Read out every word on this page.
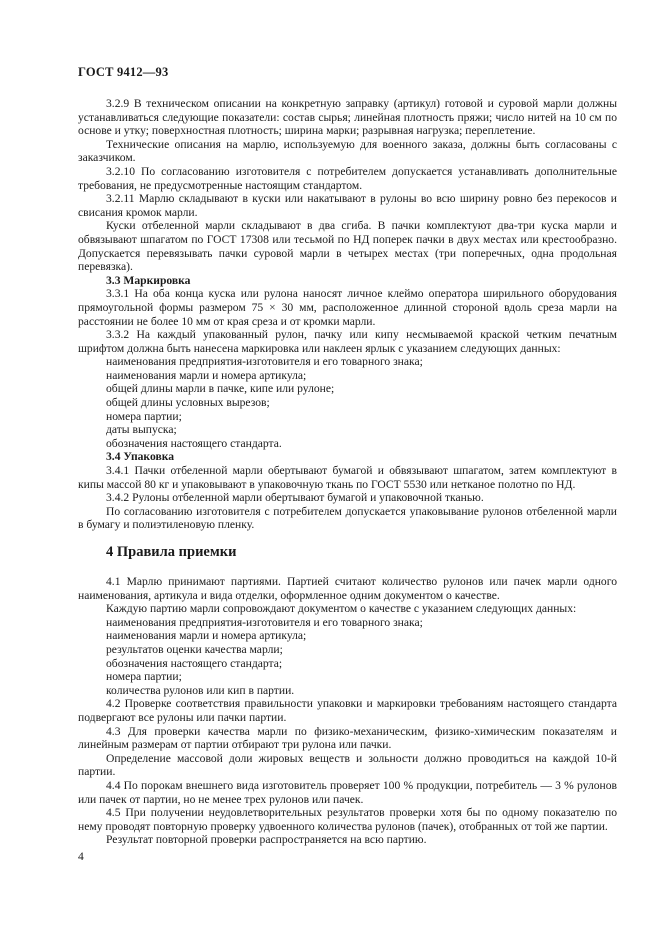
ГОСТ 9412—93

3.2.9 В техническом описании на конкретную заправку (артикул) готовой и суровой марли должны устанавливаться следующие показатели: состав сырья; линейная плотность пряжи; число нитей на 10 см по основе и утку; поверхностная плотность; ширина марки; разрывная нагрузка; переплетение.

Технические описания на марлю, используемую для военного заказа, должны быть согласованы с заказчиком.

3.2.10 По согласованию изготовителя с потребителем допускается устанавливать дополнительные требования, не предусмотренные настоящим стандартом.

3.2.11 Марлю складывают в куски или накатывают в рулоны во всю ширину ровно без перекосов и свисания кромок марли.

Куски отбеленной марли складывают в два сгиба. В пачки комплектуют два-три куска марли и обвязывают шпагатом по ГОСТ 17308 или тесьмой по НД поперек пачки в двух местах или крестообразно. Допускается перевязывать пачки суровой марли в четырех местах (три поперечных, одна продольная перевязка).

3.3 Маркировка

3.3.1 На оба конца куска или рулона наносят личное клеймо оператора ширильного оборудования прямоугольной формы размером 75 × 30 мм, расположенное длинной стороной вдоль среза марли на расстоянии не более 10 мм от края среза и от кромки марли.

3.3.2 На каждый упакованный рулон, пачку или кипу несмываемой краской четким печатным шрифтом должна быть нанесена маркировка или наклеен ярлык с указанием следующих данных:

наименования предприятия-изготовителя и его товарного знака;

наименования марли и номера артикула;

общей длины марли в пачке, кипе или рулоне;

общей длины условных вырезов;

номера партии;

даты выпуска;

обозначения настоящего стандарта.

3.4 Упаковка

3.4.1 Пачки отбеленной марли обертывают бумагой и обвязывают шпагатом, затем комплектуют в кипы массой 80 кг и упаковывают в упаковочную ткань по ГОСТ 5530 или нетканое полотно по НД.

3.4.2 Рулоны отбеленной марли обертывают бумагой и упаковочной тканью.

По согласованию изготовителя с потребителем допускается упаковывание рулонов отбеленной марли в бумагу и полиэтиленовую пленку.

4 Правила приемки

4.1 Марлю принимают партиями. Партией считают количество рулонов или пачек марли одного наименования, артикула и вида отделки, оформленное одним документом о качестве.

Каждую партию марли сопровождают документом о качестве с указанием следующих данных:

наименования предприятия-изготовителя и его товарного знака;

наименования марли и номера артикула;

результатов оценки качества марли;

обозначения настоящего стандарта;

номера партии;

количества рулонов или кип в партии.

4.2 Проверке соответствия правильности упаковки и маркировки требованиям настоящего стандарта подвергают все рулоны или пачки партии.

4.3 Для проверки качества марли по физико-механическим, физико-химическим показателям и линейным размерам от партии отбирают три рулона или пачки.

Определение массовой доли жировых веществ и зольности должно проводиться на каждой 10-й партии.

4.4 По порокам внешнего вида изготовитель проверяет 100 % продукции, потребитель — 3 % рулонов или пачек от партии, но не менее трех рулонов или пачек.

4.5 При получении неудовлетворительных результатов проверки хотя бы по одному показателю по нему проводят повторную проверку удвоенного количества рулонов (пачек), отобранных от той же партии.

Результат повторной проверки распространяется на всю партию.

4
